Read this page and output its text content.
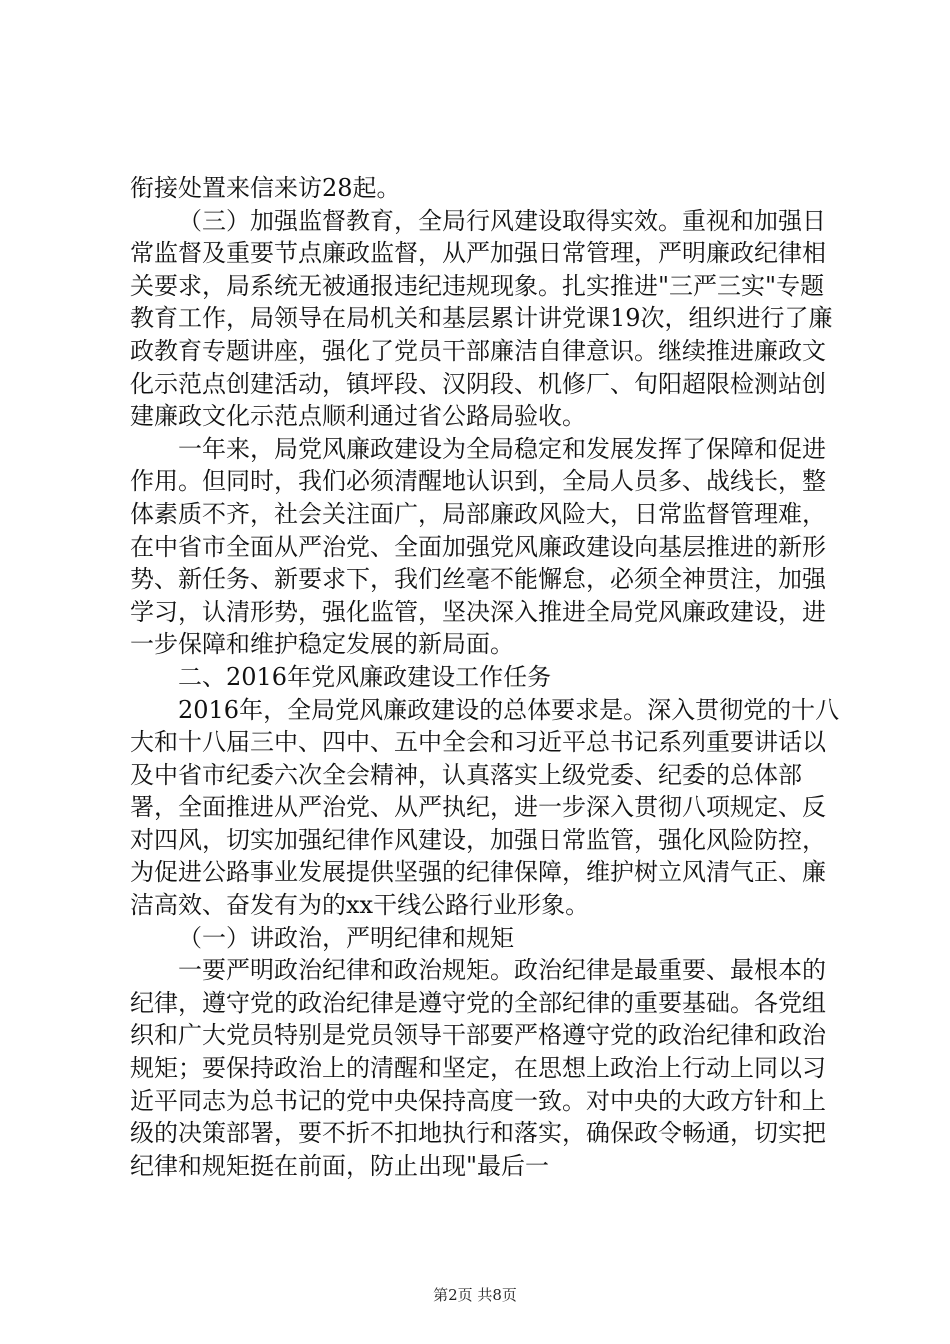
衔接处置来信来访28起。

（三）加强监督教育，全局行风建设取得实效。重视和加强日常监督及重要节点廉政监督，从严加强日常管理，严明廉政纪律相关要求，局系统无被通报违纪违规现象。扎实推进"三严三实"专题教育工作，局领导在局机关和基层累计讲党课19次，组织进行了廉政教育专题讲座，强化了党员干部廉洁自律意识。继续推进廉政文化示范点创建活动，镇坪段、汉阴段、机修厂、旬阳超限检测站创建廉政文化示范点顺利通过省公路局验收。

一年来，局党风廉政建设为全局稳定和发展发挥了保障和促进作用。但同时，我们必须清醒地认识到，全局人员多、战线长，整体素质不齐，社会关注面广，局部廉政风险大，日常监督管理难，在中省市全面从严治党、全面加强党风廉政建设向基层推进的新形势、新任务、新要求下，我们丝毫不能懈怠，必须全神贯注，加强学习，认清形势，强化监管，坚决深入推进全局党风廉政建设，进一步保障和维护稳定发展的新局面。

二、2016年党风廉政建设工作任务

2016年，全局党风廉政建设的总体要求是。深入贯彻党的十八大和十八届三中、四中、五中全会和习近平总书记系列重要讲话以及中省市纪委六次全会精神，认真落实上级党委、纪委的总体部署，全面推进从严治党、从严执纪，进一步深入贯彻八项规定、反对四风，切实加强纪律作风建设，加强日常监管，强化风险防控，为促进公路事业发展提供坚强的纪律保障，维护树立风清气正、廉洁高效、奋发有为的xx干线公路行业形象。

（一）讲政治，严明纪律和规矩

一要严明政治纪律和政治规矩。政治纪律是最重要、最根本的纪律，遵守党的政治纪律是遵守党的全部纪律的重要基础。各党组织和广大党员特别是党员领导干部要严格遵守党的政治纪律和政治规矩；要保持政治上的清醒和坚定，在思想上政治上行动上同以习近平同志为总书记的党中央保持高度一致。对中央的大政方针和上级的决策部署，要不折不扣地执行和落实，确保政令畅通，切实把纪律和规矩挺在前面，防止出现"最后一

第2页 共8页
